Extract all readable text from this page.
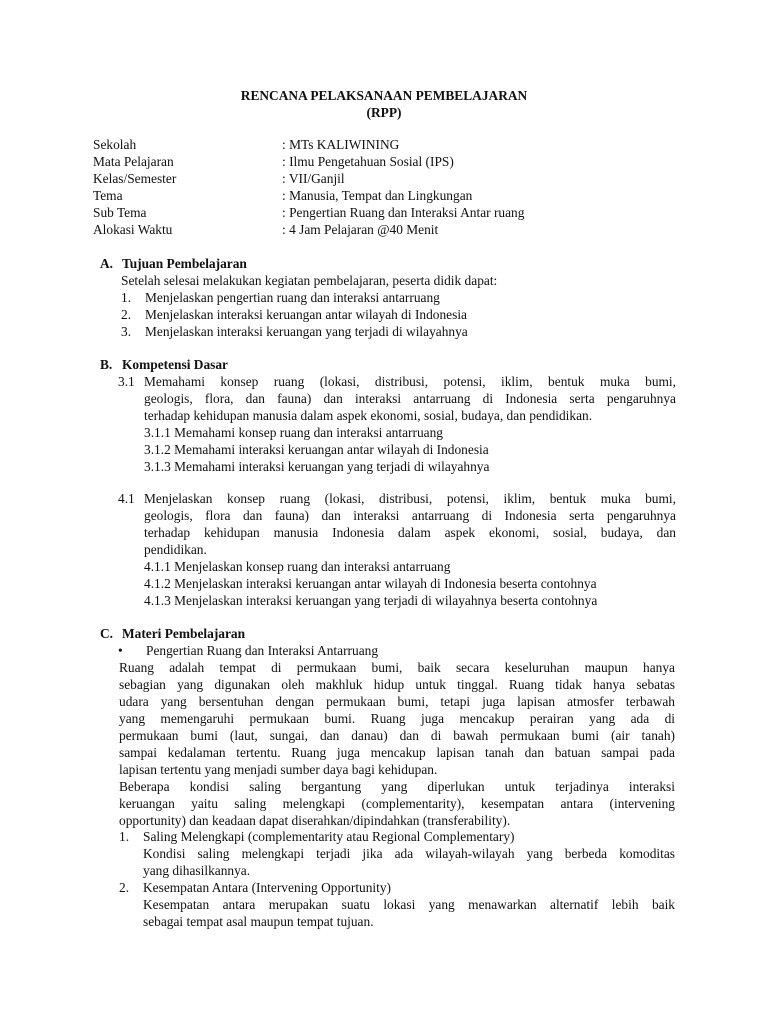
RENCANA PELAKSANAAN PEMBELAJARAN
(RPP)
Sekolah	: MTs KALIWINING
Mata Pelajaran	: Ilmu Pengetahuan Sosial (IPS)
Kelas/Semester	: VII/Ganjil
Tema	: Manusia, Tempat dan Lingkungan
Sub Tema	: Pengertian Ruang dan Interaksi Antar ruang
Alokasi Waktu	: 4 Jam Pelajaran @40 Menit
A. Tujuan Pembelajaran
Setelah selesai melakukan kegiatan pembelajaran, peserta didik dapat:
1. Menjelaskan pengertian ruang dan interaksi antarruang
2. Menjelaskan interaksi keruangan antar wilayah di Indonesia
3. Menjelaskan interaksi keruangan yang terjadi di wilayahnya
B. Kompetensi Dasar
3.1 Memahami konsep ruang (lokasi, distribusi, potensi, iklim, bentuk muka bumi,
geologis, flora, dan fauna) dan interaksi antarruang di Indonesia serta pengaruhnya
terhadap kehidupan manusia dalam aspek ekonomi, sosial, budaya, dan pendidikan.
3.1.1 Memahami konsep ruang dan interaksi antarruang
3.1.2 Memahami interaksi keruangan antar wilayah di Indonesia
3.1.3 Memahami interaksi keruangan yang terjadi di wilayahnya
4.1 Menjelaskan konsep ruang (lokasi, distribusi, potensi, iklim, bentuk muka bumi,
geologis, flora dan fauna) dan interaksi antarruang di Indonesia serta pengaruhnya
terhadap kehidupan manusia Indonesia dalam aspek ekonomi, sosial, budaya, dan
pendidikan.
4.1.1 Menjelaskan konsep ruang dan interaksi antarruang
4.1.2 Menjelaskan interaksi keruangan antar wilayah di Indonesia beserta contohnya
4.1.3 Menjelaskan interaksi keruangan yang terjadi di wilayahnya beserta contohnya
C. Materi Pembelajaran
• Pengertian Ruang dan Interaksi Antarruang
Ruang adalah tempat di permukaan bumi, baik secara keseluruhan maupun hanya
sebagian yang digunakan oleh makhluk hidup untuk tinggal. Ruang tidak hanya sebatas
udara yang bersentuhan dengan permukaan bumi, tetapi juga lapisan atmosfer terbawah
yang memengaruhi permukaan bumi. Ruang juga mencakup perairan yang ada di
permukaan bumi (laut, sungai, dan danau) dan di bawah permukaan bumi (air tanah)
sampai kedalaman tertentu. Ruang juga mencakup lapisan tanah dan batuan sampai pada
lapisan tertentu yang menjadi sumber daya bagi kehidupan.
Beberapa kondisi saling bergantung yang diperlukan untuk terjadinya interaksi
keruangan yaitu saling melengkapi (complementarity), kesempatan antara (intervening
opportunity) dan keadaan dapat diserahkan/dipindahkan (transferability).
1. Saling Melengkapi (complementarity atau Regional Complementary)
Kondisi saling melengkapi terjadi jika ada wilayah-wilayah yang berbeda komoditas
yang dihasilkannya.
2. Kesempatan Antara (Intervening Opportunity)
Kesempatan antara merupakan suatu lokasi yang menawarkan alternatif lebih baik
sebagai tempat asal maupun tempat tujuan.
